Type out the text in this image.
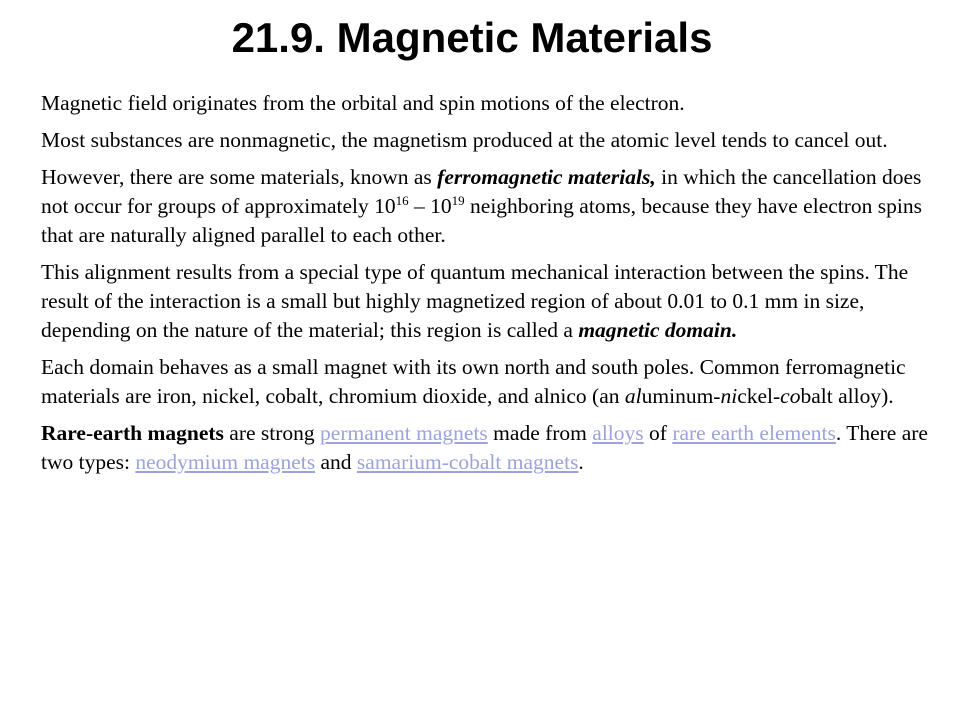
21.9. Magnetic Materials

Magnetic field originates from the orbital and spin motions of the electron.

Most substances are nonmagnetic, the magnetism produced at the atomic level tends to cancel out.

However, there are some materials, known as ferromagnetic materials, in which the cancellation does not occur for groups of approximately $10^{16} - 10^{19}$ neighboring atoms, because they have electron spins that are naturally aligned parallel to each other.

This alignment results from a special type of quantum mechanical interaction between the spins. The result of the interaction is a small but highly magnetized region of about 0.01 to 0.1 mm in size, depending on the nature of the material; this region is called a magnetic domain.

Each domain behaves as a small magnet with its own north and south poles. Common ferromagnetic materials are iron, nickel, cobalt, chromium dioxide, and alnico (an aluminum-nickel-cobalt alloy).

Rare-earth magnets are strong permanent magnets made from alloys of rare earth elements. There are two types: neodymium magnets and samarium-cobalt magnets.
